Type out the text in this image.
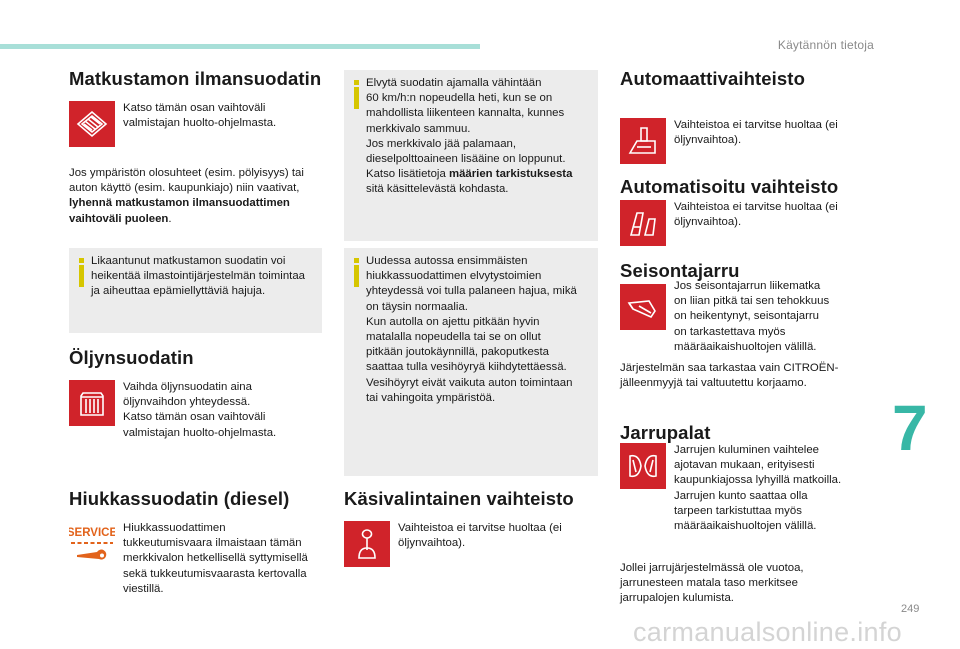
Käytännön tietoja
7
249
carmanualsonline.info
Matkustamon ilmansuodatin
Katso tämän osan vaihtoväli
valmistajan huolto-ohjelmasta.
Jos ympäristön olosuhteet (esim. pölyisyys) tai
auton käyttö (esim. kaupunkiajo) niin vaativat,
lyhennä matkustamon ilmansuodattimen
vaihtoväli puoleen.
Likaantunut matkustamon suodatin voi
heikentää ilmastointijärjestelmän toimintaa
ja aiheuttaa epämiellyttäviä hajuja.
Öljynsuodatin
Vaihda öljynsuodatin aina
öljynvaihdon yhteydessä.
Katso tämän osan vaihtoväli
valmistajan huolto-ohjelmasta.
Hiukkassuodatin (diesel)
SERVICE Hiukkassuodattimen
tukkeutumisvaara ilmaistaan tämän
merkkivalon hetkellisellä syttymisellä
sekä tukkeutumisvaarasta kertovalla
viestillä.
Elvytä suodatin ajamalla vähintään
60 km/h:n nopeudella heti, kun se on
mahdollista liikenteen kannalta, kunnes
merkkivalo sammuu.
Jos merkkivalo jää palamaan,
dieselpolttoaineen lisääine on loppunut.
Katso lisätietoja määrien tarkistuksesta
sitä käsittelevästä kohdasta.
Uudessa autossa ensimmäisten
hiukkassuodattimen elvytystoimien
yhteydessä voi tulla palaneen hajua, mikä
on täysin normaalia.
Kun autolla on ajettu pitkään hyvin
matalalla nopeudella tai se on ollut
pitkään joutokäynnillä, pakoputkesta
saattaa tulla vesihöyryä kiihdytettäessä.
Vesihöyryt eivät vaikuta auton toimintaan
tai vahingoita ympäristöä.
Käsivalintainen vaihteisto
Vaihteistoa ei tarvitse huoltaa (ei
öljynvaihtoa).
Automaattivaihteisto
Vaihteistoa ei tarvitse huoltaa (ei
öljynvaihtoa).
Automatisoitu vaihteisto
Vaihteistoa ei tarvitse huoltaa (ei
öljynvaihtoa).
Seisontajarru
Jos seisontajarrun liikematka
on liian pitkä tai sen tehokkuus
on heikentynyt, seisontajarru
on tarkastettava myös
määräaikaishuoltojen välillä.
Järjestelmän saa tarkastaa vain CITROËN-
jälleenmyyjä tai valtuutettu korjaamo.
Jarrupalat
Jarrujen kuluminen vaihtelee
ajotavan mukaan, erityisesti
kaupunkiajossa lyhyillä matkoilla.
Jarrujen kunto saattaa olla
tarpeen tarkistuttaa myös
määräaikaishuoltojen välillä.
Jollei jarrujärjestelmässä ole vuotoa,
jarrunesteen matala taso merkitsee
jarrupalojen kulumista.
